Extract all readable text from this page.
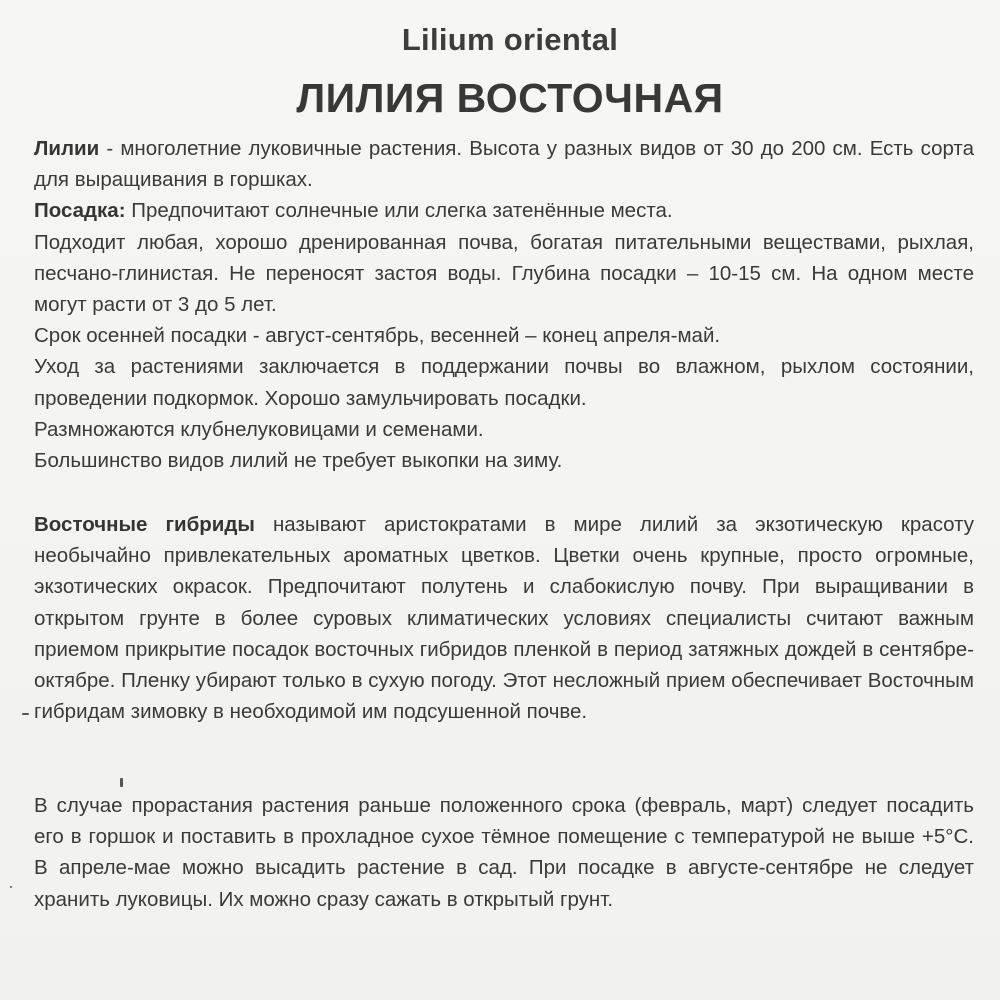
Lilium oriental
ЛИЛИЯ ВОСТОЧНАЯ

Лилии - многолетние луковичные растения. Высота у разных видов от 30 до 200 см. Есть сорта для выращивания в горшках.

Посадка: Предпочитают солнечные или слегка затенённые места.

Подходит любая, хорошо дренированная почва, богатая питательными веществами, рыхлая, песчано-глинистая. Не переносят застоя воды. Глубина посадки – 10-15 см. На одном месте могут расти от 3 до 5 лет.

Срок осенней посадки - август-сентябрь, весенней – конец апреля-май.

Уход за растениями заключается в поддержании почвы во влажном, рыхлом состоянии, проведении подкормок. Хорошо замульчировать посадки.

Размножаются клубнелуковицами и семенами.

Большинство видов лилий не требует выкопки на зиму.

Восточные гибриды называют аристократами в мире лилий за экзотическую красоту необычайно привлекательных ароматных цветков. Цветки очень крупные, просто огромные, экзотических окрасок. Предпочитают полутень и слабокислую почву. При выращивании в открытом грунте в более суровых климатических условиях специалисты считают важным приемом прикрытие посадок восточных гибридов пленкой в период затяжных дождей в сентябре-октябре. Пленку убирают только в сухую погоду. Этот несложный прием обеспечивает Восточным гибридам зимовку в необходимой им подсушенной почве.

В случае прорастания растения раньше положенного срока (февраль, март) следует посадить его в горшок и поставить в прохладное сухое тёмное помещение с температурой не выше +5°С. В апреле-мае можно высадить растение в сад. При посадке в августе-сентябре не следует хранить луковицы. Их можно сразу сажать в открытый грунт.
